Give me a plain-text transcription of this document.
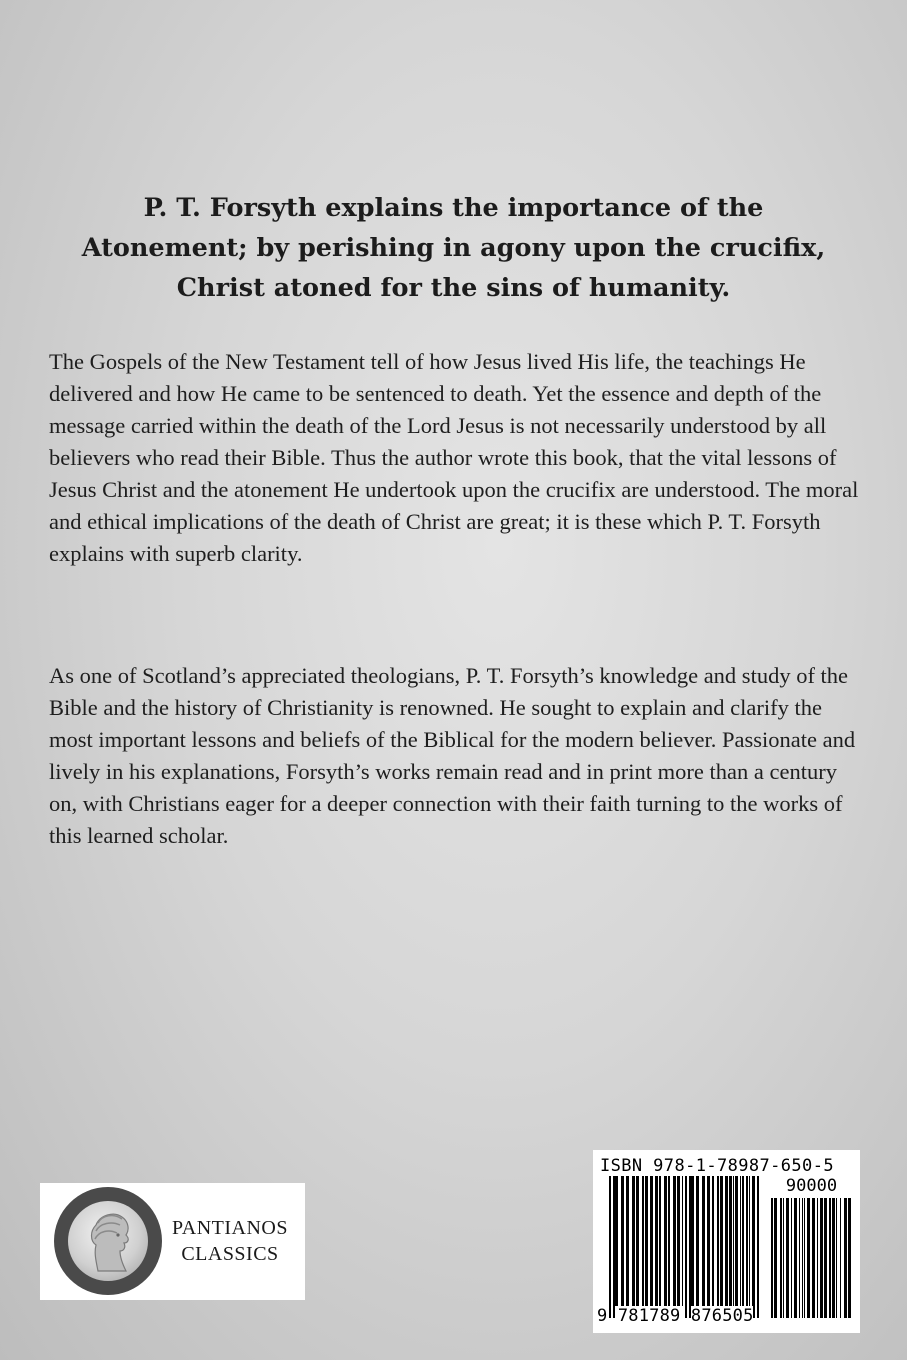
P. T. Forsyth explains the importance of the Atonement; by perishing in agony upon the crucifix, Christ atoned for the sins of humanity.

The Gospels of the New Testament tell of how Jesus lived His life, the teachings He delivered and how He came to be sentenced to death. Yet the essence and depth of the message carried within the death of the Lord Jesus is not necessarily understood by all believers who read their Bible. Thus the author wrote this book, that the vital lessons of Jesus Christ and the atonement He undertook upon the crucifix are understood. The moral and ethical implications of the death of Christ are great; it is these which P. T. Forsyth explains with superb clarity.

As one of Scotland’s appreciated theologians, P. T. Forsyth’s knowledge and study of the Bible and the history of Christianity is renowned. He sought to explain and clarify the most important lessons and beliefs of the Biblical for the modern believer. Passionate and lively in his explanations, Forsyth’s works remain read and in print more than a century on, with Christians eager for a deeper connection with their faith turning to the works of this learned scholar.

PANTIANOS
CLASSICS
ISBN 978-1-78987-650-5
90000
9 781789 876505
